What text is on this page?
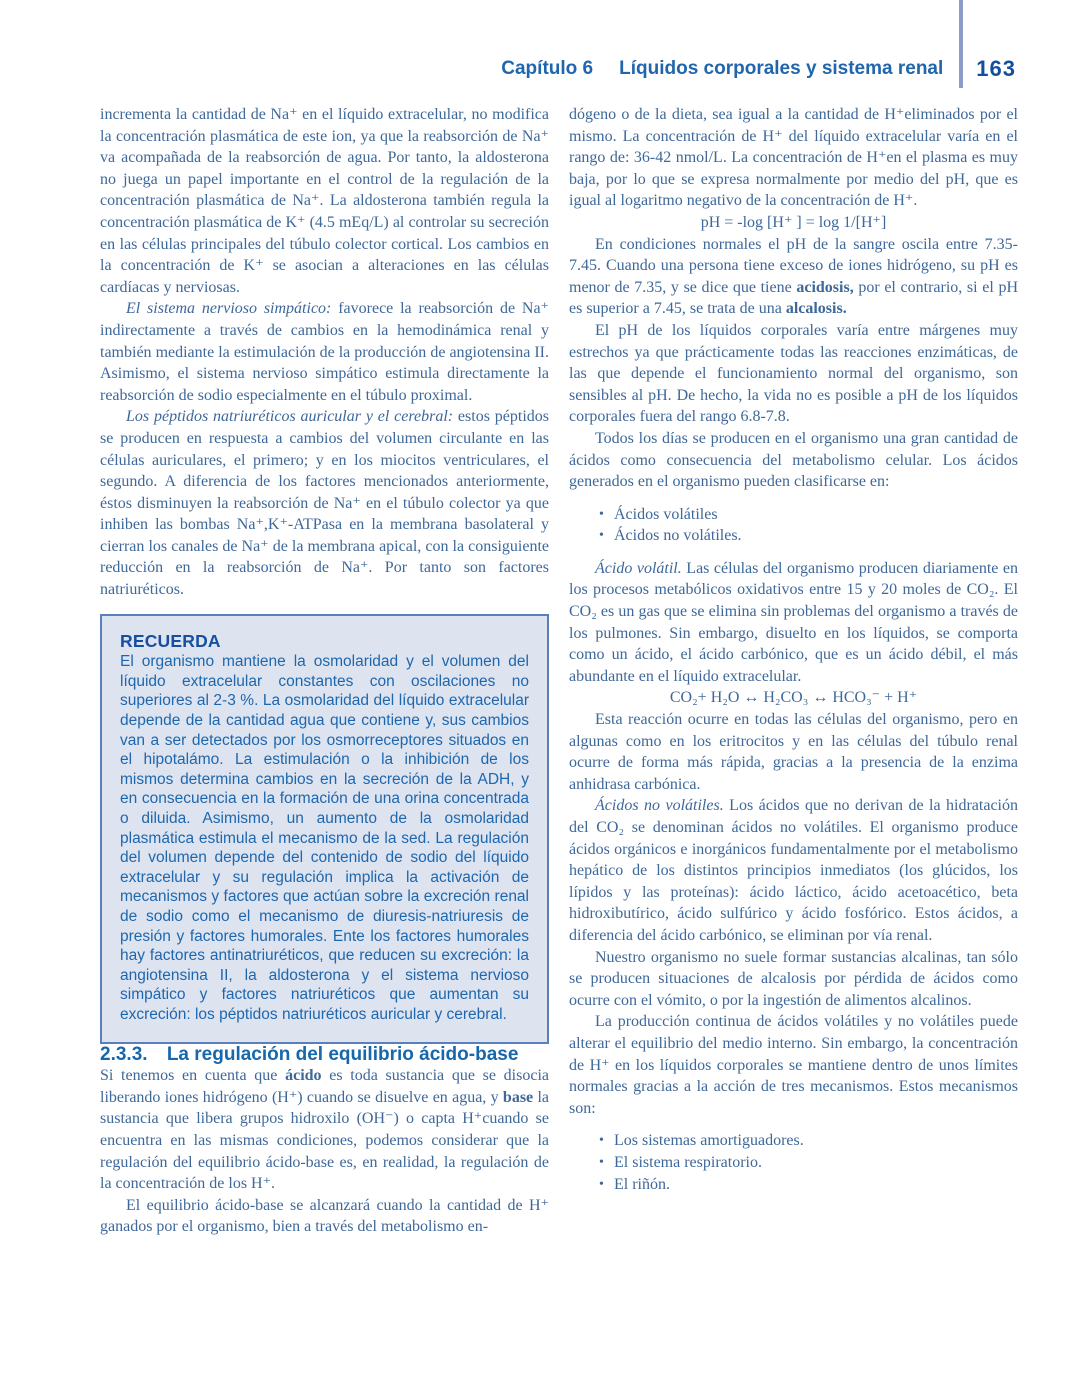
Capítulo 6 Líquidos corporales y sistema renal 163

incrementa la cantidad de Na⁺ en el líquido extracelular, no modifica la concentración plasmática de este ion, ya que la reabsorción de Na⁺ va acompañada de la reabsorción de agua. Por tanto, la aldosterona no juega un papel importante en el control de la regulación de la concentración plasmática de Na⁺. La aldosterona también regula la concentración plasmática de K⁺ (4.5 mEq/L) al controlar su secreción en las células principales del túbulo colector cortical. Los cambios en la concentración de K⁺ se asocian a alteraciones en las células cardíacas y nerviosas.

El sistema nervioso simpático: favorece la reabsorción de Na⁺ indirectamente a través de cambios en la hemodinámica renal y también mediante la estimulación de la producción de angiotensina II. Asimismo, el sistema nervioso simpático estimula directamente la reabsorción de sodio especialmente en el túbulo proximal.

Los péptidos natriuréticos auricular y el cerebral: estos péptidos se producen en respuesta a cambios del volumen circulante en las células auriculares, el primero; y en los miocitos ventriculares, el segundo. A diferencia de los factores mencionados anteriormente, éstos disminuyen la reabsorción de Na⁺ en el túbulo colector ya que inhiben las bombas Na⁺,K⁺-ATPasa en la membrana basolateral y cierran los canales de Na⁺ de la membrana apical, con la consiguiente reducción en la reabsorción de Na⁺. Por tanto son factores natriuréticos.

RECUERDA

El organismo mantiene la osmolaridad y el volumen del líquido extracelular constantes con oscilaciones no superiores al 2-3 %. La osmolaridad del líquido extracelular depende de la cantidad agua que contiene y, sus cambios van a ser detectados por los osmorreceptores situados en el hipotalámo. La estimulación o la inhibición de los mismos determina cambios en la secreción de la ADH, y en consecuencia en la formación de una orina concentrada o diluida. Asimismo, un aumento de la osmolaridad plasmática estimula el mecanismo de la sed. La regulación del volumen depende del contenido de sodio del líquido extracelular y su regulación implica la activación de mecanismos y factores que actúan sobre la excreción renal de sodio como el mecanismo de diuresis-natriuresis de presión y factores humorales. Ente los factores humorales hay factores antinatriuréticos, que reducen su excreción: la angiotensina II, la aldosterona y el sistema nervioso simpático y factores natriuréticos que aumentan su excreción: los péptidos natriuréticos auricular y cerebral.

2.3.3. La regulación del equilibrio ácido-base

Si tenemos en cuenta que ácido es toda sustancia que se disocia liberando iones hidrógeno (H⁺) cuando se disuelve en agua, y base la sustancia que libera grupos hidroxilo (OH⁻) o capta H⁺cuando se encuentra en las mismas condiciones, podemos considerar que la regulación del equilibrio ácido-base es, en realidad, la regulación de la concentración de los H⁺.

El equilibrio ácido-base se alcanzará cuando la cantidad de H⁺ ganados por el organismo, bien a través del metabolismo en-

dógeno o de la dieta, sea igual a la cantidad de H⁺eliminados por el mismo. La concentración de H⁺ del líquido extracelular varía en el rango de: 36-42 nmol/L. La concentración de H⁺en el plasma es muy baja, por lo que se expresa normalmente por medio del pH, que es igual al logaritmo negativo de la concentración de H⁺.

pH = -log [H⁺ ] = log 1/[H⁺]

En condiciones normales el pH de la sangre oscila entre 7.35-7.45. Cuando una persona tiene exceso de iones hidrógeno, su pH es menor de 7.35, y se dice que tiene acidosis, por el contrario, si el pH es superior a 7.45, se trata de una alcalosis.

El pH de los líquidos corporales varía entre márgenes muy estrechos ya que prácticamente todas las reacciones enzimáticas, de las que depende el funcionamiento normal del organismo, son sensibles al pH. De hecho, la vida no es posible a pH de los líquidos corporales fuera del rango 6.8-7.8.

Todos los días se producen en el organismo una gran cantidad de ácidos como consecuencia del metabolismo celular. Los ácidos generados en el organismo pueden clasificarse en:

• Ácidos volátiles
• Ácidos no volátiles.

Ácido volátil. Las células del organismo producen diariamente en los procesos metabólicos oxidativos entre 15 y 20 moles de CO₂. El CO₂ es un gas que se elimina sin problemas del organismo a través de los pulmones. Sin embargo, disuelto en los líquidos, se comporta como un ácido, el ácido carbónico, que es un ácido débil, el más abundante en el líquido extracelular.

CO₂+ H₂O ↔ H₂CO₃ ↔ HCO₃⁻ + H⁺

Esta reacción ocurre en todas las células del organismo, pero en algunas como en los eritrocitos y en las células del túbulo renal ocurre de forma más rápida, gracias a la presencia de la enzima anhidrasa carbónica.

Ácidos no volátiles. Los ácidos que no derivan de la hidratación del CO₂ se denominan ácidos no volátiles. El organismo produce ácidos orgánicos e inorgánicos fundamentalmente por el metabolismo hepático de los distintos principios inmediatos (los glúcidos, los lípidos y las proteínas): ácido láctico, ácido acetoacético, beta hidroxibutírico, ácido sulfúrico y ácido fosfórico. Estos ácidos, a diferencia del ácido carbónico, se eliminan por vía renal.

Nuestro organismo no suele formar sustancias alcalinas, tan sólo se producen situaciones de alcalosis por pérdida de ácidos como ocurre con el vómito, o por la ingestión de alimentos alcalinos.

La producción continua de ácidos volátiles y no volátiles puede alterar el equilibrio del medio interno. Sin embargo, la concentración de H⁺ en los líquidos corporales se mantiene dentro de unos límites normales gracias a la acción de tres mecanismos. Estos mecanismos son:

• Los sistemas amortiguadores.
• El sistema respiratorio.
• El riñón.
